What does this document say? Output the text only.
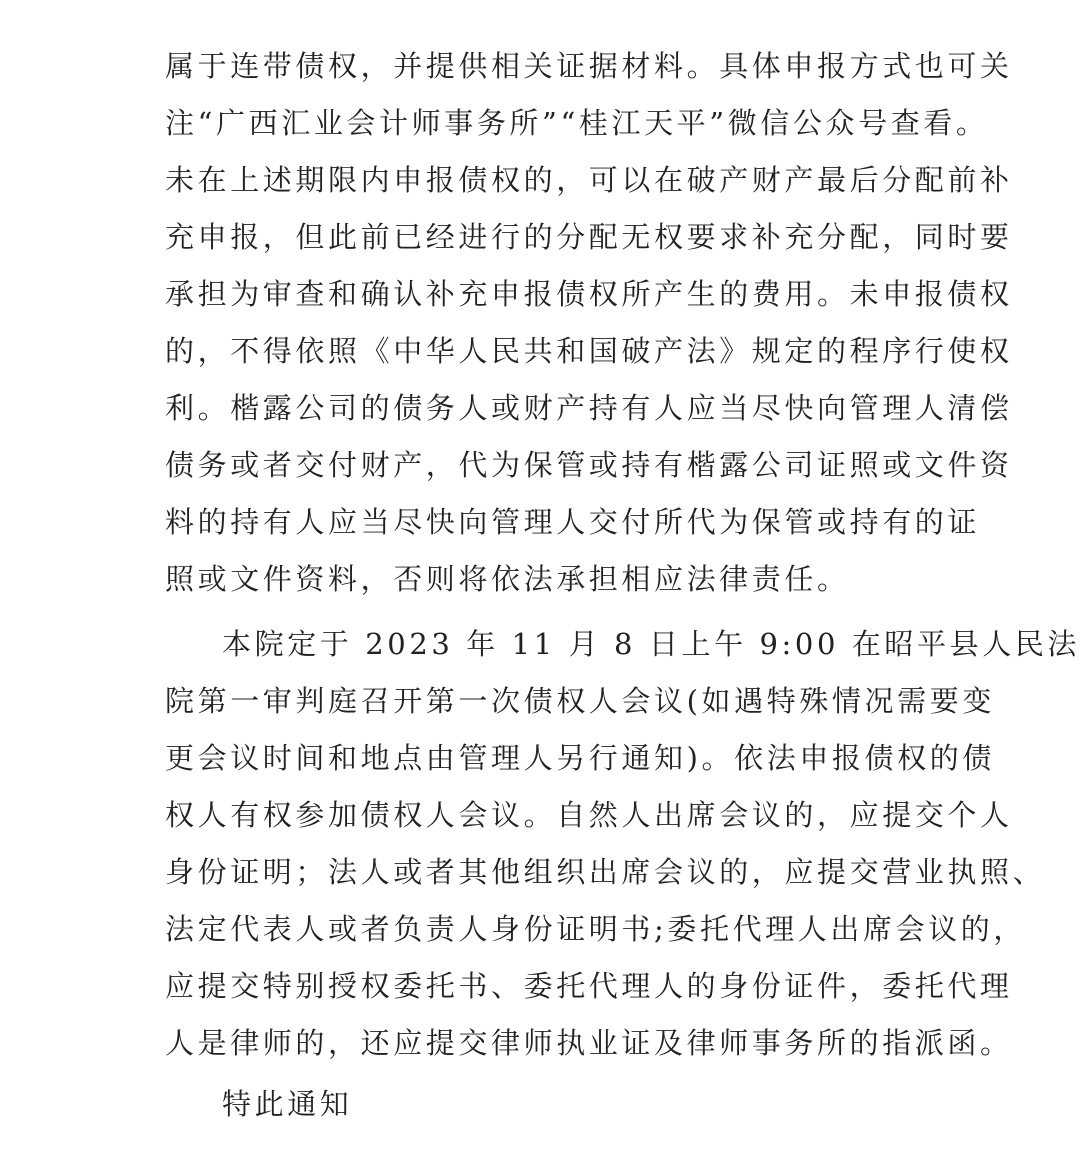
属于连带债权，并提供相关证据材料。具体申报方式也可关
注“广西汇业会计师事务所”“桂江天平”微信公众号查看。
未在上述期限内申报债权的，可以在破产财产最后分配前补
充申报，但此前已经进行的分配无权要求补充分配，同时要
承担为审查和确认补充申报债权所产生的费用。未申报债权
的，不得依照《中华人民共和国破产法》规定的程序行使权
利。楷露公司的债务人或财产持有人应当尽快向管理人清偿
债务或者交付财产，代为保管或持有楷露公司证照或文件资
料的持有人应当尽快向管理人交付所代为保管或持有的证
照或文件资料，否则将依法承担相应法律责任。
本院定于 2023 年 11 月 8 日上午 9:00 在昭平县人民法
院第一审判庭召开第一次债权人会议(如遇特殊情况需要变
更会议时间和地点由管理人另行通知)。依法申报债权的债
权人有权参加债权人会议。自然人出席会议的，应提交个人
身份证明；法人或者其他组织出席会议的，应提交营业执照、
法定代表人或者负责人身份证明书;委托代理人出席会议的，
应提交特别授权委托书、委托代理人的身份证件，委托代理
人是律师的，还应提交律师执业证及律师事务所的指派函。
特此通知
